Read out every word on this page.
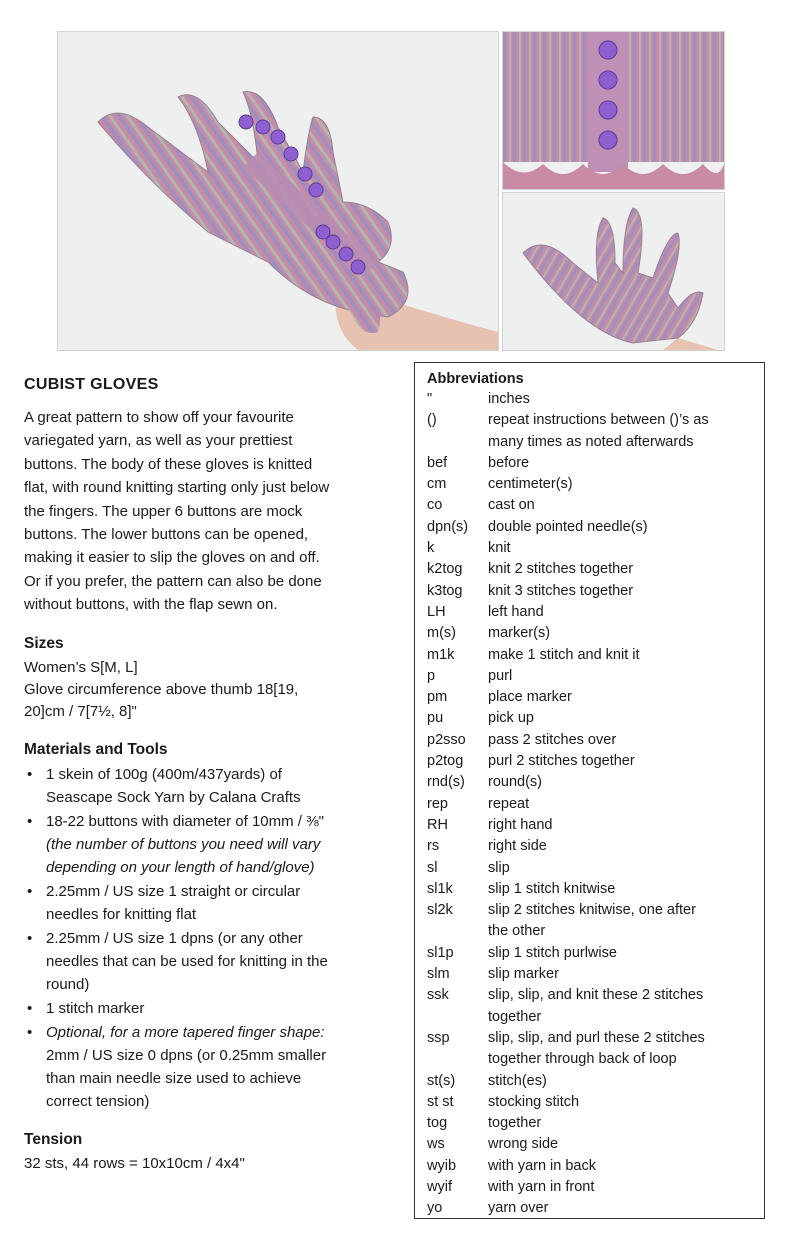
CUBIST GLOVES

A great pattern to show off your favourite
variegated yarn, as well as your prettiest
buttons. The body of these gloves is knitted
flat, with round knitting starting only just below
the fingers. The upper 6 buttons are mock
buttons. The lower buttons can be opened,
making it easier to slip the gloves on and off.
Or if you prefer, the pattern can also be done
without buttons, with the flap sewn on.

Sizes

Women’s S[M, L]
Glove circumference above thumb 18[19,
20]cm / 7[7½, 8]"

Materials and Tools
• 1 skein of 100g (400m/437yards) of
Seascape Sock Yarn by Calana Crafts
• 18-22 buttons with diameter of 10mm / ⅜"
(the number of buttons you need will vary
depending on your length of hand/glove)
• 2.25mm / US size 1 straight or circular
needles for knitting flat
• 2.25mm / US size 1 dpns (or any other
needles that can be used for knitting in the
round)
• 1 stitch marker
• Optional, for a more tapered finger shape:
2mm / US size 0 dpns (or 0.25mm smaller
than main needle size used to achieve
correct tension)
Tension

32 sts, 44 rows = 10x10cm / 4x4"

Abbreviations
"	inches
()	repeat instructions between ()’s as
many times as noted afterwards
bef	before
cm	centimeter(s)
co	cast on
dpn(s)	double pointed needle(s)
k	knit
k2tog	knit 2 stitches together
k3tog	knit 3 stitches together
LH	left hand
m(s)	marker(s)
m1k	make 1 stitch and knit it
p	purl
pm	place marker
pu	pick up
p2sso	pass 2 stitches over
p2tog	purl 2 stitches together
rnd(s)	round(s)
rep	repeat
RH	right hand
rs	right side
sl	slip
sl1k	slip 1 stitch knitwise
sl2k	slip 2 stitches knitwise, one after
the other
sl1p	slip 1 stitch purlwise
slm	slip marker
ssk	slip, slip, and knit these 2 stitches
together
ssp	slip, slip, and purl these 2 stitches
together through back of loop
st(s)	stitch(es)
st st	stocking stitch
tog	together
ws	wrong side
wyib	with yarn in back
wyif	with yarn in front
yo	yarn over
